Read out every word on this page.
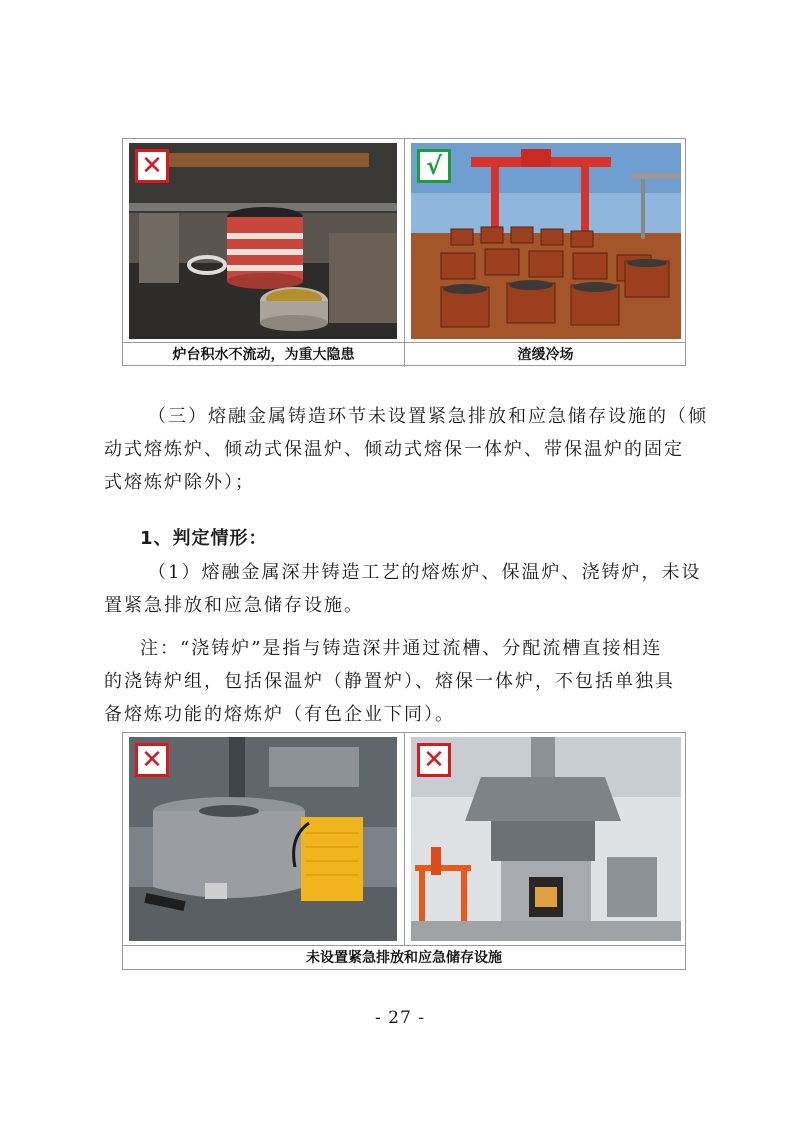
✕	√
炉台积水不流动，为重大隐患	渣缓冷场
（三）熔融金属铸造环节未设置紧急排放和应急储存设施的（倾
动式熔炼炉、倾动式保温炉、倾动式熔保一体炉、带保温炉的固定
式熔炼炉除外）；
1、判定情形：
（1）熔融金属深井铸造工艺的熔炼炉、保温炉、浇铸炉，未设
置紧急排放和应急储存设施。
注：“浇铸炉”是指与铸造深井通过流槽、分配流槽直接相连
的浇铸炉组，包括保温炉（静置炉）、熔保一体炉，不包括单独具
备熔炼功能的熔炼炉（有色企业下同）。
✕	✕
未设置紧急排放和应急储存设施
- 27 -
